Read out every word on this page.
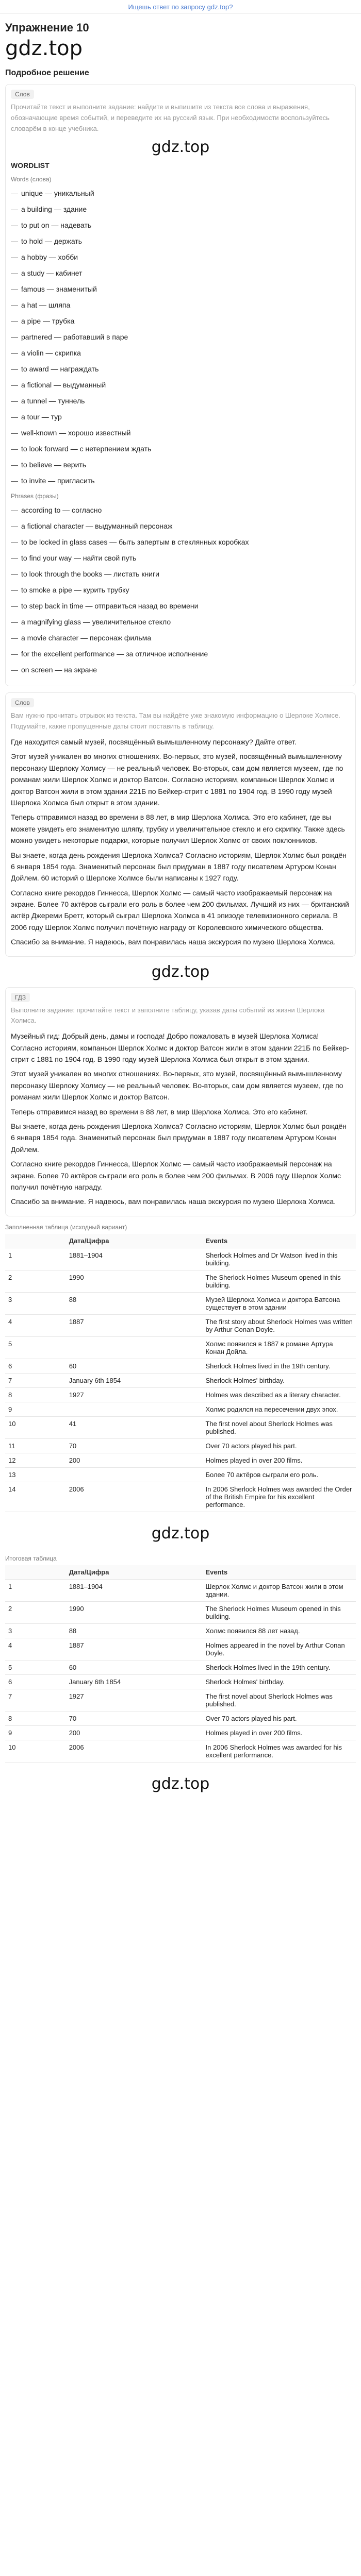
Ищешь ответ по запросу gdz.top?
Упражнение 10
gdz.top
Подробное решение
Слов

Прочитайте текст и выполните задание: найдите и выпишите из текста все слова и выражения, обозначающие время событий, и переведите их на русский язык. При необходимости воспользуйтесь словарём в конце учебника.

gdz.top
WORDLIST
Words (слова)
— unique — уникальный
— a building — здание
— to put on — надевать
— to hold — держать
— a hobby — хобби
— a study — кабинет
— famous — знаменитый
— a hat — шляпа
— a pipe — трубка
— partnered — работавший в паре
— a violin — скрипка
— to award — награждать
— a fictional — выдуманный
— a tunnel — туннель
— a tour — тур
— well-known — хорошо известный
— to look forward — с нетерпением ждать
— to believe — верить
— to invite — пригласить
Phrases (фразы)
— according to — согласно
— a fictional character — выдуманный персонаж
— to be locked in glass cases — быть запертым в стеклянных коробках
— to find your way — найти свой путь
— to look through the books — листать книги
— to smoke a pipe — курить трубку
— to step back in time — отправиться назад во времени
— a magnifying glass — увеличительное стекло
— a movie character — персонаж фильма
— for the excellent performance — за отличное исполнение
— on screen — на экране
Слов

Вам нужно прочитать отрывок из текста. Там вы найдёте уже знакомую информацию о Шерлоке Холмсе. Подумайте, какие пропущенные даты стоит поставить в таблицу.

Где находится самый музей, посвящённый вымышленному персонажу? Дайте ответ.

Этот музей уникален во многих отношениях. Во-первых, это музей, посвящённый вымышленному персонажу Шерлоку Холмсу — не реальный человек. Во-вторых, сам дом является музеем, где по романам жили Шерлок Холмс и доктор Ватсон. Согласно историям, компаньон Шерлок Холмс и доктор Ватсон жили в этом здании 221Б по Бейкер-стрит с 1881 по 1904 год. В 1990 году музей Шерлока Холмса был открыт в этом здании.

Теперь отправимся назад во времени в 88 лет, в мир Шерлока Холмса. Это его кабинет, где вы можете увидеть его знаменитую шляпу, трубку и увеличительное стекло и его скрипку. Также здесь можно увидеть некоторые подарки, которые получил Шерлок Холмс от своих поклонников.

Вы знаете, когда день рождения Шерлока Холмса? Согласно историям, Шерлок Холмс был рождён 6 января 1854 года. Знаменитый персонаж был придуман в 1887 году писателем Артуром Конан Дойлем. 60 историй о Шерлоке Холмсе были написаны к 1927 году.

Согласно книге рекордов Гиннесса, Шерлок Холмс — самый часто изображаемый персонаж на экране. Более 70 актёров сыграли его роль в более чем 200 фильмах. Лучший из них — британский актёр Джереми Бретт, который сыграл Шерлока Холмса в 41 эпизоде телевизионного сериала. В 2006 году Шерлок Холмс получил почётную награду от Королевского химического общества.

Спасибо за внимание. Я надеюсь, вам понравилась наша экскурсия по музею Шерлока Холмса.

gdz.top
ГДЗ

Выполните задание: прочитайте текст и заполните таблицу, указав даты событий из жизни Шерлока Холмса.

Музейный гид: Добрый день, дамы и господа! Добро пожаловать в музей Шерлока Холмса! Согласно историям, компаньон Шерлок Холмс и доктор Ватсон жили в этом здании 221Б по Бейкер-стрит с 1881 по 1904 год. В 1990 году музей Шерлока Холмса был открыт в этом здании.

Этот музей уникален во многих отношениях. Во-первых, это музей, посвящённый вымышленному персонажу Шерлоку Холмсу — не реальный человек. Во-вторых, сам дом является музеем, где по романам жили Шерлок Холмс и доктор Ватсон.

Теперь отправимся назад во времени в 88 лет, в мир Шерлока Холмса. Это его кабинет.

Вы знаете, когда день рождения Шерлока Холмса? Согласно историям, Шерлок Холмс был рождён 6 января 1854 года. Знаменитый персонаж был придуман в 1887 году писателем Артуром Конан Дойлем.

Согласно книге рекордов Гиннесса, Шерлок Холмс — самый часто изображаемый персонаж на экране. Более 70 актёров сыграли его роль в более чем 200 фильмах. В 2006 году Шерлок Холмс получил почётную награду.

Спасибо за внимание. Я надеюсь, вам понравилась наша экскурсия по музею Шерлока Холмса.

Заполненная таблица (исходный вариант)
	Дата/Цифра	Events
1	1881–1904	Sherlock Holmes and Dr Watson lived in this building.
2	1990	The Sherlock Holmes Museum opened in this building.
3	88	Музей Шерлока Холмса и доктора Ватсона существует в этом здании
4	1887	The first story about Sherlock Holmes was written by Arthur Conan Doyle.
5		Холмс появился в 1887 в романе Артура Конан Дойла.
6	60	Sherlock Holmes lived in the 19th century.
7	January 6th 1854	Sherlock Holmes' birthday.
8	1927	Holmes was described as a literary character.
9		Холмс родился на пересечении двух эпох.
10	41	The first novel about Sherlock Holmes was published.
11	70	Over 70 actors played his part.
12	200	Holmes played in over 200 films.
13		Более 70 актёров сыграли его роль.
14	2006	In 2006 Sherlock Holmes was awarded the Order of the British Empire for his excellent performance.
gdz.top
Итоговая таблица
	Дата/Цифра	Events
1	1881–1904	Шерлок Холмс и доктор Ватсон жили в этом здании.
2	1990	The Sherlock Holmes Museum opened in this building.
3	88	Холмс появился 88 лет назад.
4	1887	Holmes appeared in the novel by Arthur Conan Doyle.
5	60	Sherlock Holmes lived in the 19th century.
6	January 6th 1854	Sherlock Holmes' birthday.
7	1927	The first novel about Sherlock Holmes was published.
8	70	Over 70 actors played his part.
9	200	Holmes played in over 200 films.
10	2006	In 2006 Sherlock Holmes was awarded for his excellent performance.
gdz.top
